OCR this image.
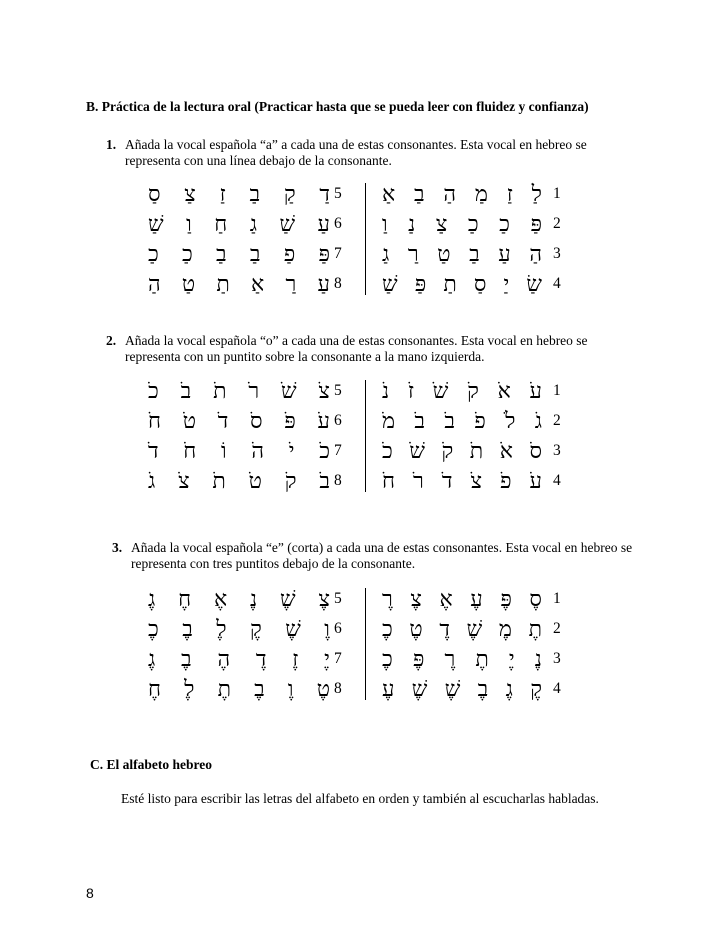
B. Práctica de la lectura oral (Practicar hasta que se pueda leer con fluidez y confianza)
1. Añada la vocal española “a” a cada una de estas consonantes. Esta vocal en hebreo se representa con una línea debajo de la consonante.
סַ צַ זַ בַ קַ דַ 5 אַ בַ הַ מַ זַ לַ 1
שַׁ וַ חַ גַ שַׁ עַ 6 וַ נַ צַ כַ כַ פַּ 2
כַ כַ בַ בַ פַ פַּ 7 גַ רַ טַ בַ עַ הַ 3
הַ טַ תַ אַ רַ עַ 8 שַׁ פַּ תַ סַ יַ שַׂ 4
2. Añada la vocal española “o” a cada una de estas consonantes. Esta vocal en hebreo se representa con un puntito sobre la consonante a la mano izquierda.
כֹ בֹ תֹ רֹ שֹׁ צֹ 5 נֹ זֹ שֹׁ קֹ אֹ עֹ 1
חֹ טֹ דֹ סֹ פֹּ עֹ 6 מֹ בֹ בֹ פֹ לֹ גֹ 2
דֹ חֹ וֹ הֹ יֹ כֹ 7 כֹ שֹׁ קֹ תֹ אֹ סֹ 3
גֹ צֹ תֹ טֹ קֹ בֹ 8 חֹ רֹ דֹ צֹ פֹ עֹ 4
3. Añada la vocal española “e” (corta) a cada una de estas consonantes. Esta vocal en hebreo se representa con tres puntitos debajo de la consonante.
גֶ חֶ אֶ נֶ שֶׁ צֶ 5 רֶ צֶ אֶ עֶ פֶּ סֶ 1
כֶ בֶ לֶ קֶ שֶׁ וֶ 6 כֶ טֶ דֶ שֶׁ מֶ תֶ 2
גֶ בֶ הֶ דֶ זֶ יֶ 7 כֶ פֶּ רֶ תֶ יֶ נֶ 3
חֶ לֶ תֶ בֶ וֶ טֶ 8 עֶ שֶׁ שֶׁ בֶ גֶ קֶ 4
C. El alfabeto hebreo
Esté listo para escribir las letras del alfabeto en orden y también al escucharlas habladas.
8
